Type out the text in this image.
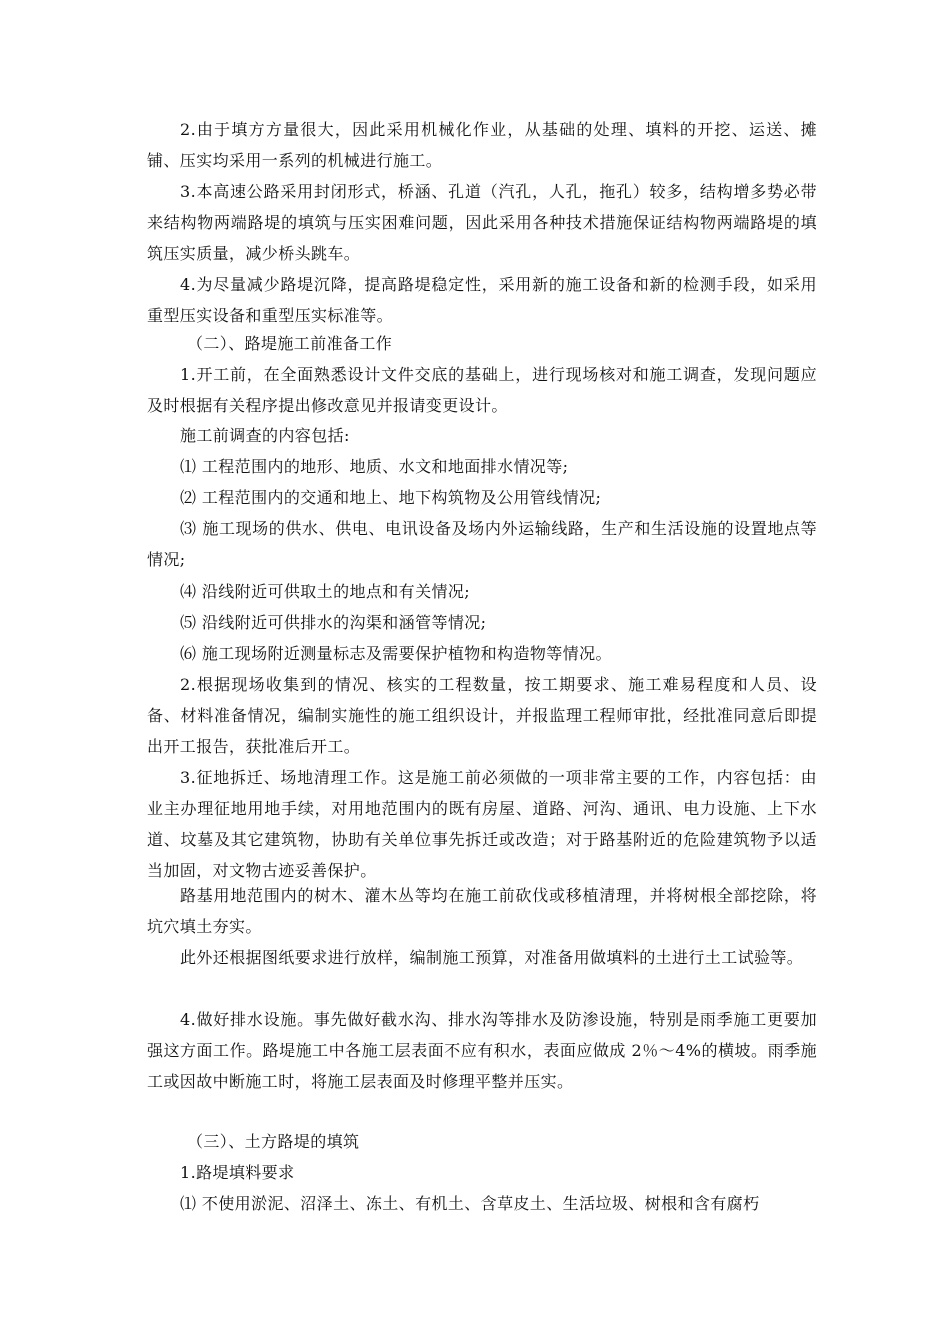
2.由于填方方量很大，因此采用机械化作业，从基础的处理、填料的开挖、运送、摊铺、压实均采用一系列的机械进行施工。

3.本高速公路采用封闭形式，桥涵、孔道（汽孔，人孔，拖孔）较多，结构增多势必带来结构物两端路堤的填筑与压实困难问题，因此采用各种技术措施保证结构物两端路堤的填筑压实质量，减少桥头跳车。

4.为尽量减少路堤沉降，提高路堤稳定性，采用新的施工设备和新的检测手段，如采用重型压实设备和重型压实标准等。

（二）、路堤施工前准备工作

1.开工前，在全面熟悉设计文件交底的基础上，进行现场核对和施工调查，发现问题应及时根据有关程序提出修改意见并报请变更设计。

施工前调查的内容包括:

⑴ 工程范围内的地形、地质、水文和地面排水情况等;

⑵ 工程范围内的交通和地上、地下构筑物及公用管线情况;

⑶ 施工现场的供水、供电、电讯设备及场内外运输线路，生产和生活设施的设置地点等情况;

⑷ 沿线附近可供取土的地点和有关情况;

⑸ 沿线附近可供排水的沟渠和涵管等情况;

⑹ 施工现场附近测量标志及需要保护植物和构造物等情况。

2.根据现场收集到的情况、核实的工程数量，按工期要求、施工难易程度和人员、设备、材料准备情况，编制实施性的施工组织设计，并报监理工程师审批，经批准同意后即提出开工报告，获批准后开工。

3.征地拆迁、场地清理工作。这是施工前必须做的一项非常主要的工作，内容包括：由业主办理征地用地手续，对用地范围内的既有房屋、道路、河沟、通讯、电力设施、上下水道、坟墓及其它建筑物，协助有关单位事先拆迁或改造；对于路基附近的危险建筑物予以适当加固，对文物古迹妥善保护。

路基用地范围内的树木、灌木丛等均在施工前砍伐或移植清理，并将树根全部挖除，将坑穴填土夯实。

此外还根据图纸要求进行放样，编制施工预算，对准备用做填料的土进行土工试验等。

4.做好排水设施。事先做好截水沟、排水沟等排水及防渗设施，特别是雨季施工更要加强这方面工作。路堤施工中各施工层表面不应有积水，表面应做成 2％～4%的横坡。雨季施工或因故中断施工时，将施工层表面及时修理平整并压实。

（三）、土方路堤的填筑

1.路堤填料要求

⑴ 不使用淤泥、沼泽土、冻土、有机土、含草皮土、生活垃圾、树根和含有腐朽
